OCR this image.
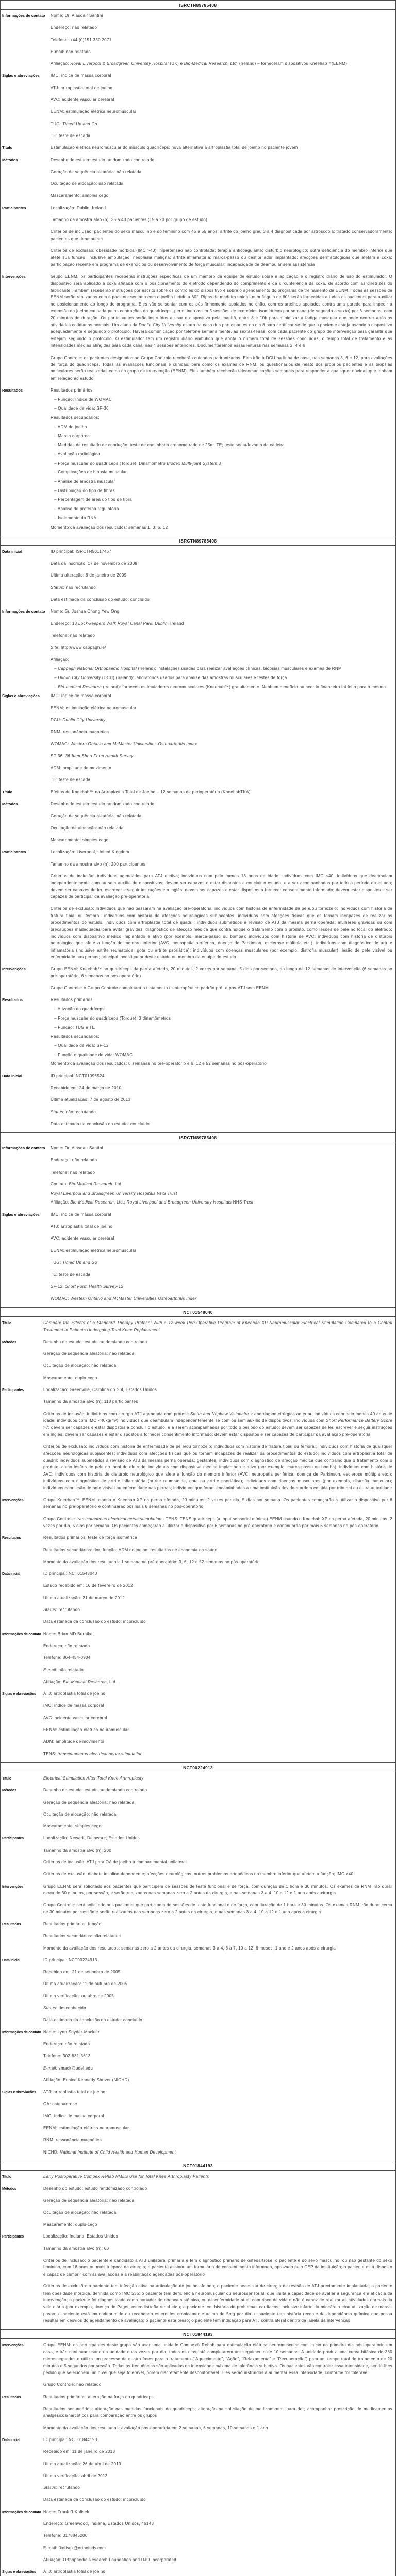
ISRCTN89785408
Informações de contato	Nome: Dr. Alasdair Santini

Endereço: não relatado

Telefone: +44 (0)151 330 2071

E-mail: não relatado

Afiliação: Royal Liverpool & Broadgreen University Hospital (UK) e Bio-Medical Research, Ltd. (Ireland) – forneceram dispositivos Kneehab™(EENM)

Siglas e abreviações	IMC: índice de massa corporal

ATJ: artroplastia total de joelho

AVC: acidente vascular cerebral

EENM: estimulação elétrica neuromuscular

TUG: Timed Up and Go

TE: teste de escada

Título	Estimulação elétrica neuromuscular do músculo quadríceps: nova alternativa à artroplastia total de joelho no paciente jovem

Métodos	Desenho do estudo: estudo randomizado controlado

Geração de sequência aleatória: não relatada

Ocultação de alocação: não relatada

Mascaramento: simples cego

Participantes	Localização: Dublin, Ireland

Tamanho da amostra alvo (n): 35 a 40 pacientes (15 a 20 por grupo de estudo)

Critérios de inclusão: pacientes do sexo masculino e do feminino com 45 a 55 anos; artrite do joelho grau 3 a 4 diagnosticada por artroscopia; tratado conservadoramente; pacientes que deambulam

Critérios de exclusão: obesidade mórbida (IMC >40); hipertensão não controlada; terapia anticoagulante; distúrbio neurológico; outra deficiência do membro inferior que afete sua função, inclusive amputação; neoplasia maligna; artrite inflamatória; marca-passo ou desfibrilador implantado; afecções dermatológicas que afetam a coxa; participação recente em programa de exercícios ou desenvolvimento de força muscular; incapacidade de deambular sem assistência

Intervenções	Grupo EENM: os participantes receberão instruções específicas de um membro da equipe de estudo sobre a aplicação e o registro diário de uso do estimulador. O dispositivo será aplicado à coxa afetada com o posicionamento do eletrodo dependendo do comprimento e da circunferência da coxa, de acordo com as diretrizes do fabricante. Também receberão instruções por escrito sobre os controles do dispositivo e sobre o agendamento do programa de treinamento da EENM. Todas as sessões de EENM serão realizadas com o paciente sentado com o joelho fletido a 60°. Ripas de madeira unidas num ângulo de 60° serão fornecidas a todos os pacientes para auxiliar no posicionamento ao longo do programa. Eles vão se sentar com os pés firmemente apoiados no chão, com os artelhos apoiados contra uma parede para impedir a extensão do joelho causada pelas contrações do quadríceps, permitindo assim 5 sessões de exercícios isométricos por semana (de segunda a sexta) por 6 semanas, com 20 minutos de duração. Os participantes serão instruídos a usar o dispositivo pela manhã, entre 8 e 10h para minimizar a fadiga muscular que pode ocorrer após as atividades cotidianas normais. Um aluno da Dublin City University estará na casa dos participantes no dia 8 para certificar-se de que o paciente esteja usando o dispositivo adequadamente e seguindo o protocolo. Haverá comunicação por telefone semanalmente, às sextas-feiras, com cada paciente do grupo de intervenção para garantir que estejam seguindo o protocolo. O estimulador tem um registro diário embutido que anota o número total de sessões concluídas, o tempo total de tratamento e as intensidades médias atingidas para cada canal nas 4 sessões anteriores. Documentaremos essas leituras nas semanas 2, 4 e 6

Grupo Controle: os pacientes designados ao Grupo Controle receberão cuidados padronizados. Eles irão à DCU na linha de base, nas semanas 3, 6 e 12, para avaliações de força do quadríceps. Todas as avaliações funcionais e clínicas, bem como os exames de RNM, os questionários de relato dos próprios pacientes e as biópsias musculares serão realizadas como no grupo de intervenção (EENM). Eles também receberão telecomunicações semanais para responder a quaisquer dúvidas que tenham em relação ao estudo

Resultados	Resultados primários:

– Função: índice de WOMAC

– Qualidade de vida: SF-36

Resultados secundários:

– ADM do joelho

– Massa corpórea

– Medidas de resultado de condução: teste de caminhada cronometrado de 25m; TE; teste senta/levanta da cadeira

– Avaliação radiológica

– Força muscular do quadríceps (Torque): Dinamômetro Biodex Multi-joint System 3

– Complicações de biópsia muscular

– Análise de amostra muscular

– Distribuição do tipo de fibras

– Percentagem de área do tipo de fibra

– Análise de proteína regulatória

– Isolamento do RNA

Momento da avaliação dos resultados: semanas 1, 3, 6, 12

ISRCTN89785408
Data inicial	ID principal: ISRCTN50117467

Data da inscrição: 17 de novembro de 2008

Última alteração: 8 de janeiro de 2009

Status: não recrutando

Data estimada da conclusão do estudo: concluído

Informações de contato	Nome: Sr. Joshua Chong Yew Ong

Endereço: 13 Lock-keepers Walk Royal Canal Park, Dublin, Ireland

Telefone: não relatado

Site: http://www.cappagh.ie/

Afiliação:

– Cappagh National Orthopaedic Hospital (Ireland): instalações usadas para realizar avaliações clínicas, biópsias musculares e exames de RNM

– Dublin City University (DCU) (Ireland): laboratórios usados para análise das amostras musculares e testes de força

– Bio-medical Research (Ireland): forneceu estimuladores neuromusculares (Kneehab™) gratuitamente. Nenhum benefício ou acordo financeiro foi feito para o mesmo

Siglas e abreviações	IMC: índice de massa corporal

EENM: estimulação elétrica neuromuscular

DCU: Dublin City University

RNM: ressonância magnética

WOMAC: Western Ontario and McMaster Universities Osteoarthritis Index

SF-36: 36-Item Short Form Health Survey

ADM: amplitude de movimento

TE: teste de escada

Título	Efeitos de Kneehab™ na Artroplastia Total de Joelho – 12 semanas de perioperatório (KneehabTKA)

Métodos	Desenho do estudo: estudo randomizado controlado

Geração de sequência aleatória: não relatada

Ocultação de alocação: não relatada

Mascaramento: simples cego

Participantes	Localização: Liverpool, United Kingdom

Tamanho da amostra alvo (n): 200 participantes

Critérios de inclusão: indivíduos agendados para ATJ eletiva; indivíduos com pelo menos 18 anos de idade; indivíduos com IMC <40; indivíduos que deambulam independentemente com ou sem auxílio de dispositivos; devem ser capazes e estar dispostos a concluir o estudo, e a ser acompanhados por todo o período do estudo; devem ser capazes de ler, escrever e seguir instruções em inglês; devem ser capazes e estar dispostos a fornecer consentimento informado; devem estar dispostos e ser capazes de participar da avaliação pré-operatória

Critérios de exclusão: indivíduos que não passaram na avaliação pré-operatória; indivíduos com história de enfermidade de pé e/ou tornozelo; indivíduos com história de fratura tibial ou femoral; indivíduos com história de afecções neurológicas subjacentes; indivíduos com afecções físicas que os tornam incapazes de realizar os procedimentos do estudo; indivíduos com artroplastia total de quadril; indivíduos submetidos à revisão de ATJ da mesma perna operada; mulheres grávidas ou com precauções inadequadas para evitar gravidez; diagnóstico de afecção médica que contraindique o tratamento com o produto, como lesões de pele no local do eletrodo; indivíduos com dispositivo médico implantado e ativo (por exemplo, marca-passo ou bomba); indivíduos com história de AVC; indivíduos com história de distúrbio neurológico que afete a função do membro inferior (AVC, neuropatia periférica, doença de Parkinson, esclerose múltipla etc.); indivíduos com diagnóstico de artrite inflamatória (inclusive artrite reumatoide, gota ou artrite psoriática); indivíduos com doenças musculares (por exemplo, distrofia muscular); lesão de pele visível ou enfermidade nas pernas; principal investigador deste estudo ou membro da equipe do estudo

Intervenções	Grupo EENM: Kneehab™ no quadríceps da perna afetada, 20 minutos, 2 vezes por semana, 5 dias por semana, ao longo de 12 semanas de intervenção (6 semanas no pré-operatório, 6 semanas no pós-operatório)

Grupo Controle: o Grupo Controle completará o tratamento fisioterapêutico padrão pré- e pós-ATJ sem EENM

Resultados	Resultados primários:

– Ativação do quadríceps

– Força muscular do quadríceps (Torque): 3 dinamômetros

– Função: TUG e TE

Resultados secundários:

– Qualidade de vida: SF-12

– Função e qualidade de vida: WOMAC

Momento da avaliação dos resultados: 6 semanas no pré-operatório e 6, 12 e 52 semanas no pós-operatório

Data inicial	ID principal: NCT01096524

Recebido em: 24 de março de 2010

Última atualização: 7 de agosto de 2013

Status: não recrutando

Data estimada da conclusão do estudo: concluído

ISRCTN89785408
Informações de contato	Nome: Dr. Alasdair Santini

Endereço: não relatado

Telefone: não relatado

Contato: Bio-Medical Research, Ltd.

Royal Liverpool and Broadgreen University Hospitals NHS Trust

Afiliação: Bio-Medical Research, Ltd.; Royal Liverpool and Broadgreen University Hospitals NHS Trust

Siglas e abreviações	IMC: índice de massa corporal

ATJ: artroplastia total de joelho

AVC: acidente vascular cerebral

EENM: estimulação elétrica neuromuscular

TUG: Timed Up and Go

TE: teste de escada

SF-12: Short Form Health Survey-12

WOMAC: Western Ontario and McMaster Universities Osteoarthritis Index

NCT01548040
Título	Compare the Effects of a Standard Therapy Protocol With a 12-week Peri-Operative Program of Kneehab XP Neuromuscular Electrical Stimulation Compared to a Control Treatment in Patients Undergoing Total Knee Replacement

Métodos	Desenho do estudo: estudo randomizado controlado

Geração de sequência aleatória: não relatada

Ocultação de alocação: não relatada

Mascaramento: duplo-cego

Participantes	Localização: Greenville, Carolina do Sul, Estados Unidos

Tamanho da amostra alvo (n): 118 participantes

Critérios de inclusão: indivíduos com cirurgia ATJ agendada com prótese Smith and Nephew Visionaire e abordagem cirúrgica anterior; indivíduos com pelo menos 40 anos de idade; indivíduos com IMC <40kg/m²; indivíduos que deambulam independentemente se com ou sem auxílio de dispositivos; indivíduos com Short Performance Battery Score >7; devem ser capazes e estar dispostos a concluir o estudo, e a serem acompanhados por todo o período do estudo; devem ser capazes de ler, escrever e seguir instruções em inglês; devem ser capazes e estar dispostos a fornecer consentimento informado; devem estar dispostos e ser capazes de participar da avaliação pré-operatória

Critérios de exclusão: indivíduos com história de enfermidade de pé e/ou tornozelo; indivíduos com história de fratura tibial ou femoral; indivíduos com história de quaisquer afecções neurológicas subjacentes; indivíduos com afecções físicas que os tornam incapazes de realizar os procedimentos do estudo; indivíduos com artroplastia total de quadril; indivíduos submetidos à revisão de ATJ da mesma perna operada; gestantes; indivíduos com diagnóstico de afecção médica que contraindique o tratamento com o produto, como lesões de pele no local do eletrodo; indivíduos com dispositivo médico implantado e ativo (por exemplo, marca-passo ou bomba); indivíduos com história de AVC; indivíduos com história de distúrbio neurológico que afete a função do membro inferior (AVC, neuropatia periférica, doença de Parkinson, esclerose múltipla etc.); indivíduos com diagnóstico de artrite inflamatória (artrite reumatoide, gota ou artrite psoriática); indivíduos com doenças musculares (por exemplo, distrofia muscular); indivíduos com lesão de pele visível ou enfermidade nas pernas; indivíduos que foram encaminhados a uma instituição devido a ordem emitida por tribunal ou outra autoridade

Intervenções	Grupo Kneehab™: EENM usando o Kneehab XP na perna afetada, 20 minutos, 2 vezes por dia, 5 dias por semana. Os pacientes começarão a utilizar o dispositivo por 6 semanas no pré-operatório e continuarão por mais 6 semanas no pós-operatório

Grupo Controle: transcutaneous electrical nerve stimulation - TENS: TENS quadríceps (a input sensorial mínimo) EENM usando o Kneehab XP na perna afetada, 20 minutos, 2 vezes por dia, 5 dias por semana. Os pacientes começarão a utilizar o dispositivo por 6 semanas no pré-operatório e continuarão por mais 6 semanas no pós-operatório

Resultados	Resultados primários: teste de força isométrica

Resultados secundários: dor; função; ADM do joelho; resultados de economia da saúde

Momento da avaliação dos resultados: 1 semana no pré-operatório; 3, 6, 12 e 52 semanas no pós-operatório

Data inicial	ID principal: NCT01548040

Estudo recebido em: 16 de fevereiro de 2012

Última atualização: 21 de março de 2012

Status: recrutando

Data estimada da conclusão do estudo: inconcluído

Informações de contato Nome: Brian MD Burnikel

Endereço: não relatado

Telefone: 864-454-0904

E-mail: não relatado

Afiliação: Bio-Medical Research, Ltd.

Siglas e abreviações	ATJ: artroplastia total de joelho

IMC: índice de massa corporal

AVC: acidente vascular cerebral

EENM: estimulação elétrica neuromuscular

ADM: amplitude de movimento

TENS: transcutaneous electrical nerve stimulation

NCT00224913
Título	Electrical Stimulation After Total Knee Arthroplasty

Métodos	Desenho do estudo: estudo randomizado controlado

Geração de sequência aleatória: não relatada

Ocultação de alocação: não relatada

Mascaramento: simples cego

Participantes	Localização: Newark, Delaware, Estados Unidos

Tamanho da amostra alvo (n): 200

Critérios de inclusão: ATJ para OA de joelho tricompartimental unilateral

Critérios de exclusão: diabete insulino-dependente; afecções neurológicas; outros problemas ortopédicos do membro inferior que afetem a função; IMC >40

Intervenções	Grupo EENM: será solicitado aos pacientes que participem de sessões de teste funcional e de força, com duração de 1 hora e 30 minutos. Os exames de RNM irão durar cerca de 30 minutos, por sessão, e serão realizados nas semanas zero a 2 antes da cirurgia, e nas semanas 3 a 4, 10 a 12 e 1 ano após a cirurgia

Grupo Controle: será solicitado aos pacientes que participem de sessões de teste funcional e de força, com duração de 1 hora e 30 minutos. Os exames RNM irão durar cerca de 30 minutos por sessão e serão realizados nas semanas zero a 2 antes da cirurgia, e nas semanas 3 a 4, 10 a 12 e 1 ano após a cirurgia

Resultados	Resultados primários: função

Resultados secundários: não relatados

Momento da avaliação dos resultados: semanas zero a 2 antes da cirurgia, semanas 3 a 4, 6 a 7, 10 a 12, 6 meses, 1 ano e 2 anos após a cirurgia

Data inicial	ID principal: NCT00224913

Recebido em: 21 de setembro de 2005

Última atualização: 11 de outubro de 2005

Última verificação: outubro de 2005

Status: desconhecido

Data estimada da conclusão do estudo: concluído

Informações de contato Nome: Lynn Snyder-Mackler

Endereço: não relatado

Telefone: 302-831-3613

E-mail: smack@udel.edu

Afiliação: Eunice Kennedy Shriver (NICHD)

Siglas e abreviações	ATJ: artroplastia total de joelho

OA: osteoartrose

IMC: índice de massa corporal

EENM: estimulação elétrica neuromuscular

RNM: ressonância magnética

NICHD: National Institute of Child Health and Human Development

NCT01844193
Título	Early Postoperative Compex Rehab NMES Use for Total Knee Arthroplasty Patients

Métodos	Desenho do estudo: estudo randomizado controlado

Geração de sequência aleatória: não relatada

Ocultação de alocação: não relatada

Mascaramento: duplo-cego

Participantes	Localização: Indiana, Estados Unidos

Tamanho da amostra alvo (n): 60

Critérios de inclusão: o paciente é candidato a ATJ unilateral primária e tem diagnóstico primário de osteoartrose; o paciente é do sexo masculino, ou não gestante do sexo feminino, com 18 anos ou mais à época da cirurgia; o paciente assinou um formulário de consentimento informado, aprovado pelo CEP da instituição; o paciente está disposto e capaz de cumprir com as avaliações e a reabilitação agendadas pós-operatório

Critérios de exclusão: o paciente tem infecção ativa na articulação do joelho afetado; o paciente necessita de cirurgia de revisão de ATJ previamente implantada; o paciente tem obesidade mórbida, definida como IMC ≥36; o paciente tem deficiência neuromuscular ou neurossensorial, que limita a capacidade de avaliar a segurança e a eficácia da intervenção; o paciente foi diagnosticado como portador de doença sistêmica, ou de enfermidade atual com risco de vida e não é capaz de realizar as atividades normais da vida diária (por exemplo, doença de Paget, osteodistrofia renal etc.); o paciente tem história de problemas cardíacos, inclusive infarto do miocárdio e/ou utilização de marca-passo; o paciente está imunodeprimido ou recebendo esteroides cronicamente acima de 5mg por dia; o paciente tem história recente de dependência química que possa resultar em desvios do agendamento de avaliação; o paciente está preso; o paciente tem indicação para ATJ contralateral dentro da janela da intervenção

NCT01844193
Intervenções	Grupo EENM: os participantes deste grupo vão usar uma unidade Compex® Rehab para estimulação elétrica neuromuscular com início no primeiro dia pós-operatório em casa, e irão continuar usando a unidade duas vezes por dia, todos os dias, até completarem um seguimento de 10 semanas. A unidade produz uma curva bifásica de 380 microssegundos e utiliza um processo de quatro fases para o tratamento (“Aquecimento”, “Ação”, “Relaxamento” e “Recuperação”) para um tempo total de tratamento de 20 minutos e 5 segundos por sessão. Todas as frequências são aplicadas na intensidade máxima de tolerância subjetiva. Os pacientes vão controlar essa intensidade, sendo-lhes pedido que selecionem um nível que seja tolerável, porém discretamente desconfortável. Eles serão instruídos a aumentar essa intensidade, conforme for tolerável

Grupo Controle: não relatado

Resultados	Resultados primários: alteração na força do quadríceps

Resultados secundários: alteração nas medidas funcionais do quadríceps; alteração na solicitação de medicamentos para dor; acompanhar prescrição de medicamentos analgésicos/narcóticos para comparação entre os grupos

Momento da avaliação dos resultados: avaliação pós-operatória em 2 semanas, 6 semanas, 10 semanas e 1 ano

Data inicial	ID principal: NCT01844193

Recebido em: 11 de janeiro de 2013

Última atualização: 26 de abril de 2013

Última verificação: abril de 2013

Status: recrutando

Data estimada da conclusão do estudo: inconcluído

Informações de contato Nome: Frank R Kolisek

Endereço: Greenwood, Indiana, Estados Unidos, 46143

Telefone: 3178845200

E-mail: fkolisek@orthoindy.com

Afiliação: Orthopaedic Research Foundation and DJO Incorporated

Siglas e abreviações	ATJ: artroplastia total de joelho
